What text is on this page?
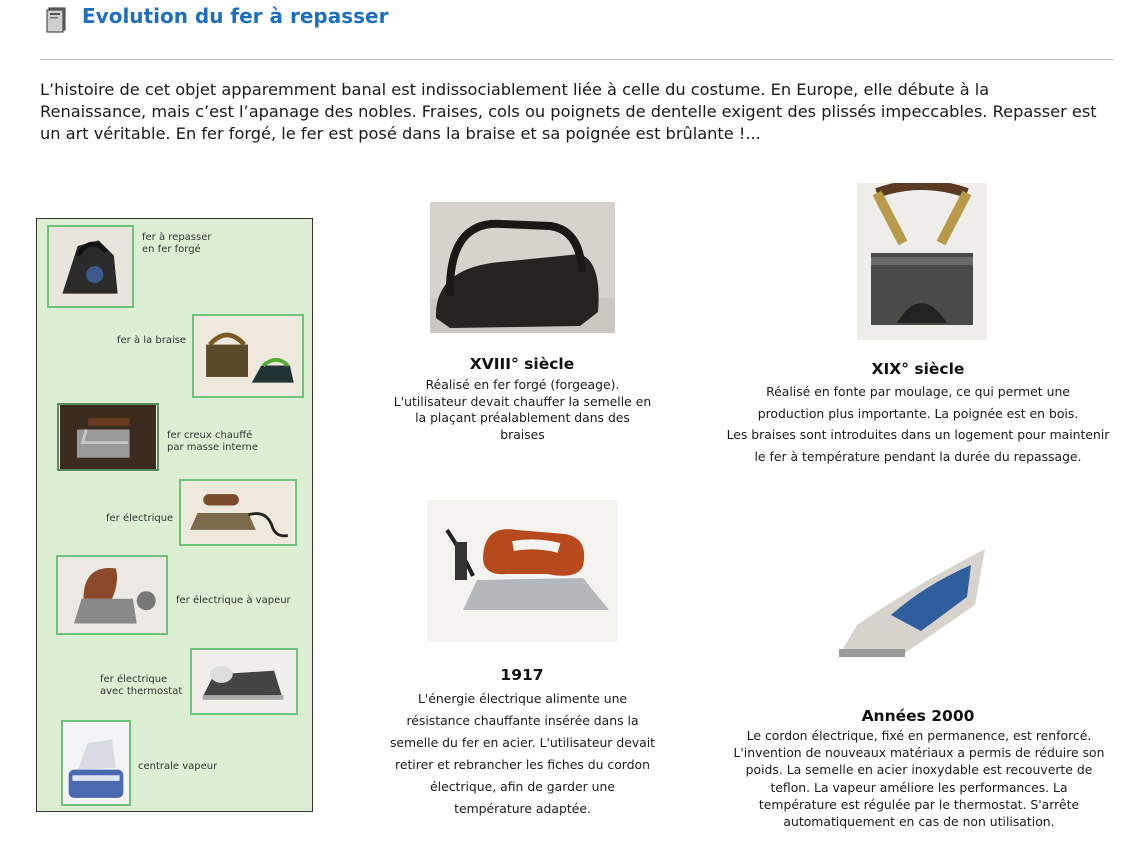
Evolution du fer à repasser

L’histoire de cet objet apparemment banal est indissociablement liée à celle du costume. En Europe, elle débute à la Renaissance, mais c’est l’apanage des nobles. Fraises, cols ou poignets de dentelle exigent des plissés impeccables. Repasser est un art véritable. En fer forgé, le fer est posé dans la braise et sa poignée est brûlante !...

fer à repasser
en fer forgé
fer à la braise
fer creux chauffé
par masse interne
fer électrique
fer électrique à vapeur
fer électrique
avec thermostat
centrale vapeur
XVIII° siècle
Réalisé en fer forgé (forgeage).
L'utilisateur devait chauffer la semelle en
la plaçant préalablement dans des
braises
XIX° siècle
Réalisé en fonte par moulage, ce qui permet une
production plus importante. La poignée est en bois.
Les braises sont introduites dans un logement pour maintenir
le fer à température pendant la durée du repassage.
1917
L'énergie électrique alimente une
résistance chauffante insérée dans la
semelle du fer en acier. L'utilisateur devait
retirer et rebrancher les fiches du cordon
électrique, afin de garder une
température adaptée.
Années 2000
Le cordon électrique, fixé en permanence, est renforcé.
L'invention de nouveaux matériaux a permis de réduire son
poids. La semelle en acier inoxydable est recouverte de
teflon. La vapeur améliore les performances. La
température est régulée par le thermostat. S'arrête
automatiquement en cas de non utilisation.
